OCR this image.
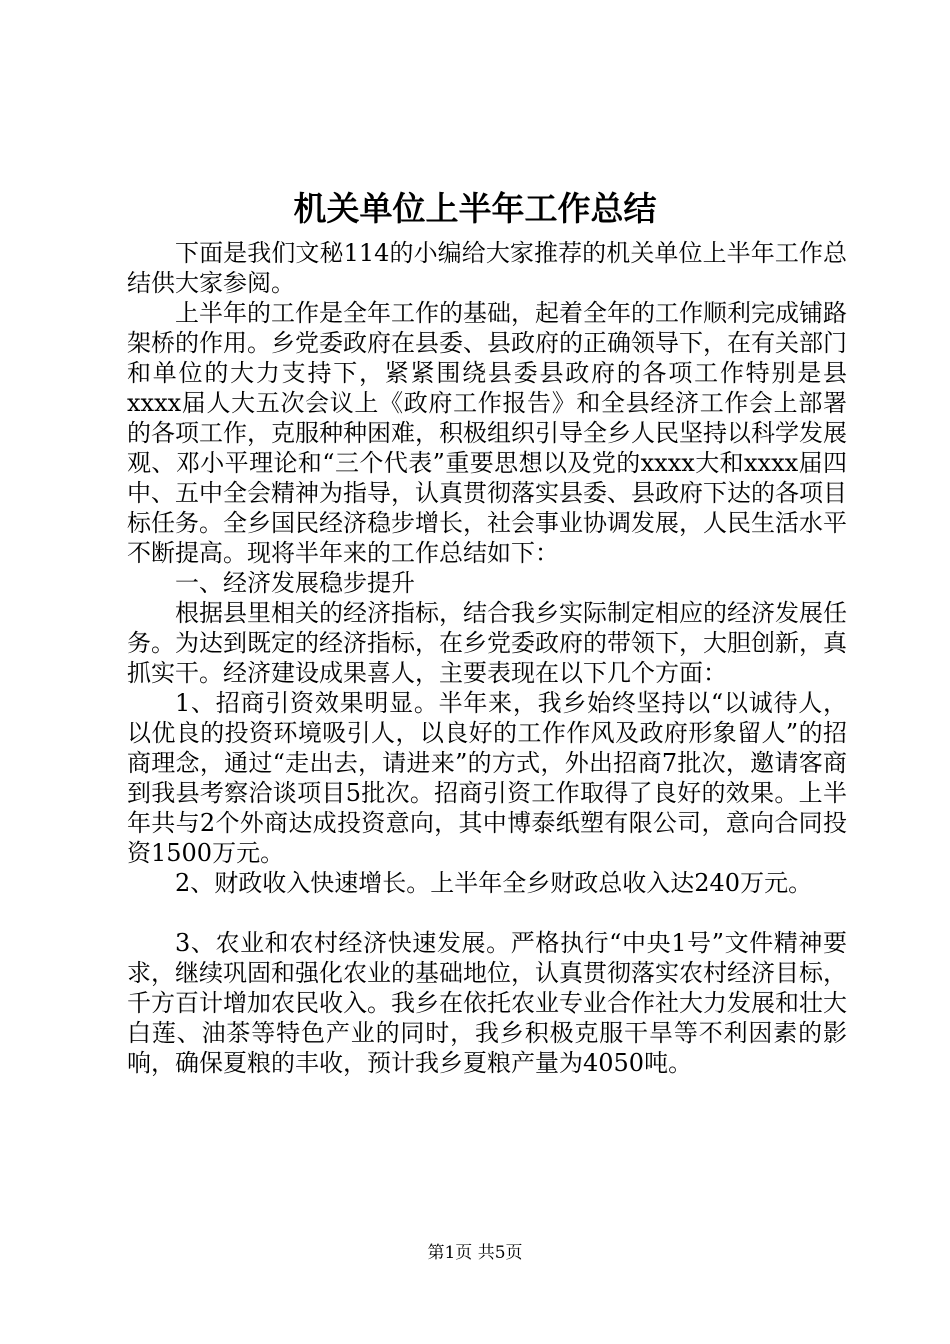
机关单位上半年工作总结

下面是我们文秘114的小编给大家推荐的机关单位上半年工作总结供大家参阅。

上半年的工作是全年工作的基础，起着全年的工作顺利完成铺路架桥的作用。乡党委政府在县委、县政府的正确领导下，在有关部门和单位的大力支持下，紧紧围绕县委县政府的各项工作特别是县xxxx届人大五次会议上《政府工作报告》和全县经济工作会上部署的各项工作，克服种种困难，积极组织引导全乡人民坚持以科学发展观、邓小平理论和“三个代表”重要思想以及党的xxxx大和xxxx届四中、五中全会精神为指导，认真贯彻落实县委、县政府下达的各项目标任务。全乡国民经济稳步增长，社会事业协调发展，人民生活水平不断提高。现将半年来的工作总结如下：

一、经济发展稳步提升

根据县里相关的经济指标，结合我乡实际制定相应的经济发展任务。为达到既定的经济指标，在乡党委政府的带领下，大胆创新，真抓实干。经济建设成果喜人，主要表现在以下几个方面：

1、招商引资效果明显。半年来，我乡始终坚持以“以诚待人，以优良的投资环境吸引人，以良好的工作作风及政府形象留人”的招商理念，通过“走出去，请进来”的方式，外出招商7批次，邀请客商到我县考察洽谈项目5批次。招商引资工作取得了良好的效果。上半年共与2个外商达成投资意向，其中博泰纸塑有限公司，意向合同投资1500万元。

2、财政收入快速增长。上半年全乡财政总收入达240万元。

3、农业和农村经济快速发展。严格执行“中央1号”文件精神要求，继续巩固和强化农业的基础地位，认真贯彻落实农村经济目标，千方百计增加农民收入。我乡在依托农业专业合作社大力发展和壮大白莲、油茶等特色产业的同时，我乡积极克服干旱等不利因素的影响，确保夏粮的丰收，预计我乡夏粮产量为4050吨。

第1页 共5页
